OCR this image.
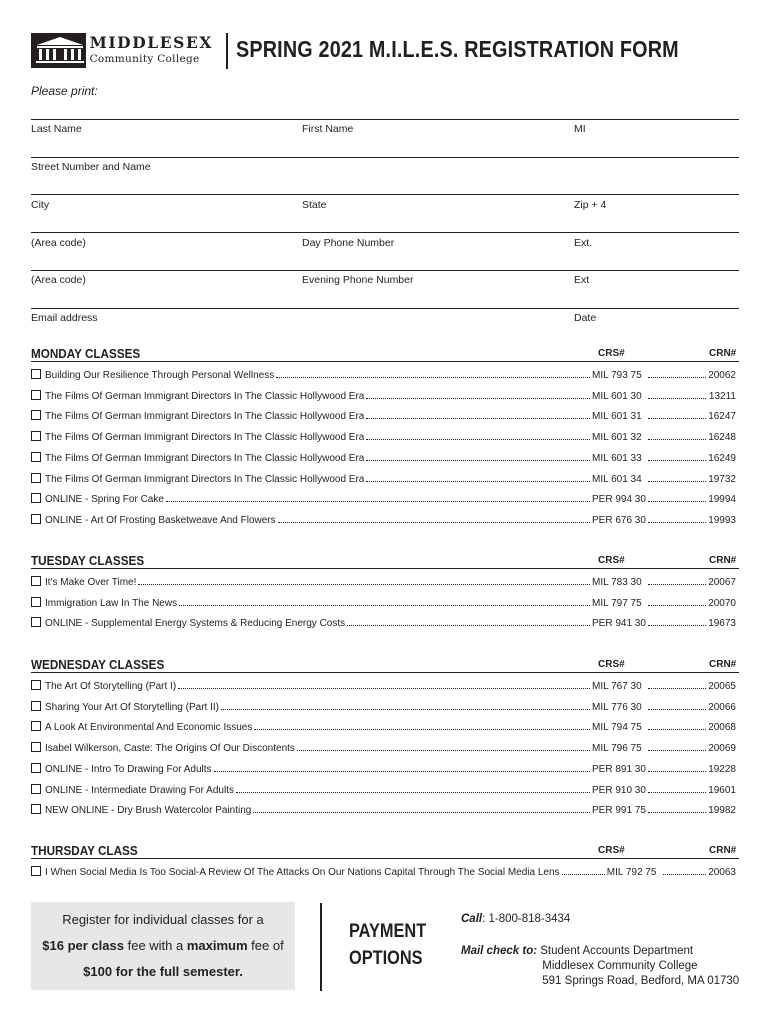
MIDDLESEX
Community College	SPRING 2021 M.I.L.E.S. REGISTRATION FORM
Please print:
Last Name	First Name	MI
Street Number and Name
City	State	Zip + 4
(Area code)	Day Phone Number	Ext.
(Area code)	Evening Phone Number	Ext
Email address	Date
MONDAY CLASSES	CRS#	CRN#
Building Our Resilience Through Personal Wellness	MIL 793 75	20062
The Films Of German Immigrant Directors In The Classic Hollywood Era	MIL 601 30	13211
The Films Of German Immigrant Directors In The Classic Hollywood Era	MIL 601 31	16247
The Films Of German Immigrant Directors In The Classic Hollywood Era	MIL 601 32	16248
The Films Of German Immigrant Directors In The Classic Hollywood Era	MIL 601 33	16249
The Films Of German Immigrant Directors In The Classic Hollywood Era	MIL 601 34	19732
ONLINE - Spring For Cake	PER 994 30	19994
ONLINE - Art Of Frosting Basketweave And Flowers	PER 676 30	19993
TUESDAY CLASSES	CRS#	CRN#
It's Make Over Time!	MIL 783 30	20067
Immigration Law In The News	MIL 797 75	20070
ONLINE - Supplemental Energy Systems & Reducing Energy Costs	PER 941 30	19673
WEDNESDAY CLASSES	CRS#	CRN#
The Art Of Storytelling (Part I)	MIL 767 30	20065
Sharing Your Art Of Storytelling (Part II)	MIL 776 30	20066
A Look At Environmental And Economic Issues	MIL 794 75	20068
Isabel Wilkerson, Caste: The Origins Of Our Discontents	MIL 796 75	20069
ONLINE - Intro To Drawing For Adults	PER 891 30	19228
ONLINE - Intermediate Drawing For Adults	PER 910 30	19601
NEW ONLINE - Dry Brush Watercolor Painting	PER 991 75	19982
THURSDAY CLASS	CRS#	CRN#
I When Social Media Is Too Social-A Review Of The Attacks On Our Nations Capital Through The Social Media Lens	MIL 792 75	20063
Register for individual classes for a
$16 per class fee with a maximum fee of
$100 for the full semester.
PAYMENT
OPTIONS
Call: 1-800-818-3434
Mail check to: Student Accounts Department
Middlesex Community College
591 Springs Road, Bedford, MA 01730
